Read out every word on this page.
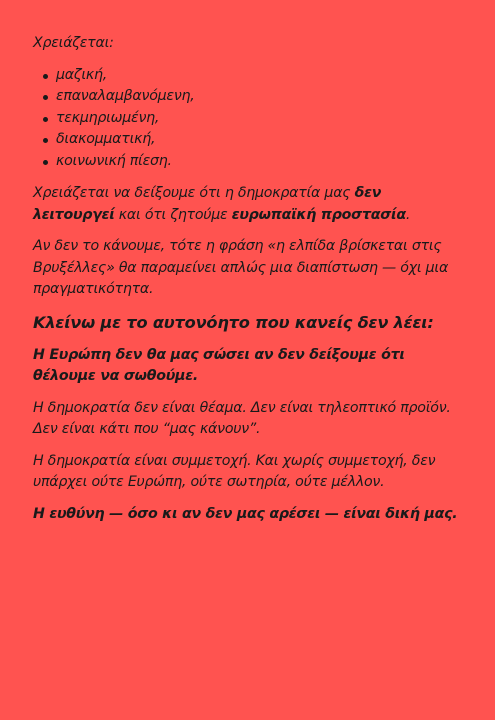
Χρειάζεται:

μαζική,
επαναλαμβανόμενη,
τεκμηριωμένη,
διακομματική,
κοινωνική πίεση.

Χρειάζεται να δείξουμε ότι η δημοκρατία μας δεν λειτουργεί και ότι ζητούμε ευρωπαϊκή προστασία.

Αν δεν το κάνουμε, τότε η φράση «η ελπίδα βρίσκεται στις Βρυξέλλες» θα παραμείνει απλώς μια διαπίστωση — όχι μια πραγματικότητα.

Κλείνω με το αυτονόητο που κανείς δεν λέει:

Η Ευρώπη δεν θα μας σώσει αν δεν δείξουμε ότι θέλουμε να σωθούμε.

Η δημοκρατία δεν είναι θέαμα. Δεν είναι τηλεοπτικό προϊόν. Δεν είναι κάτι που “μας κάνουν”.

Η δημοκρατία είναι συμμετοχή. Και χωρίς συμμετοχή, δεν υπάρχει ούτε Ευρώπη, ούτε σωτηρία, ούτε μέλλον.

Η ευθύνη — όσο κι αν δεν μας αρέσει — είναι δική μας.
